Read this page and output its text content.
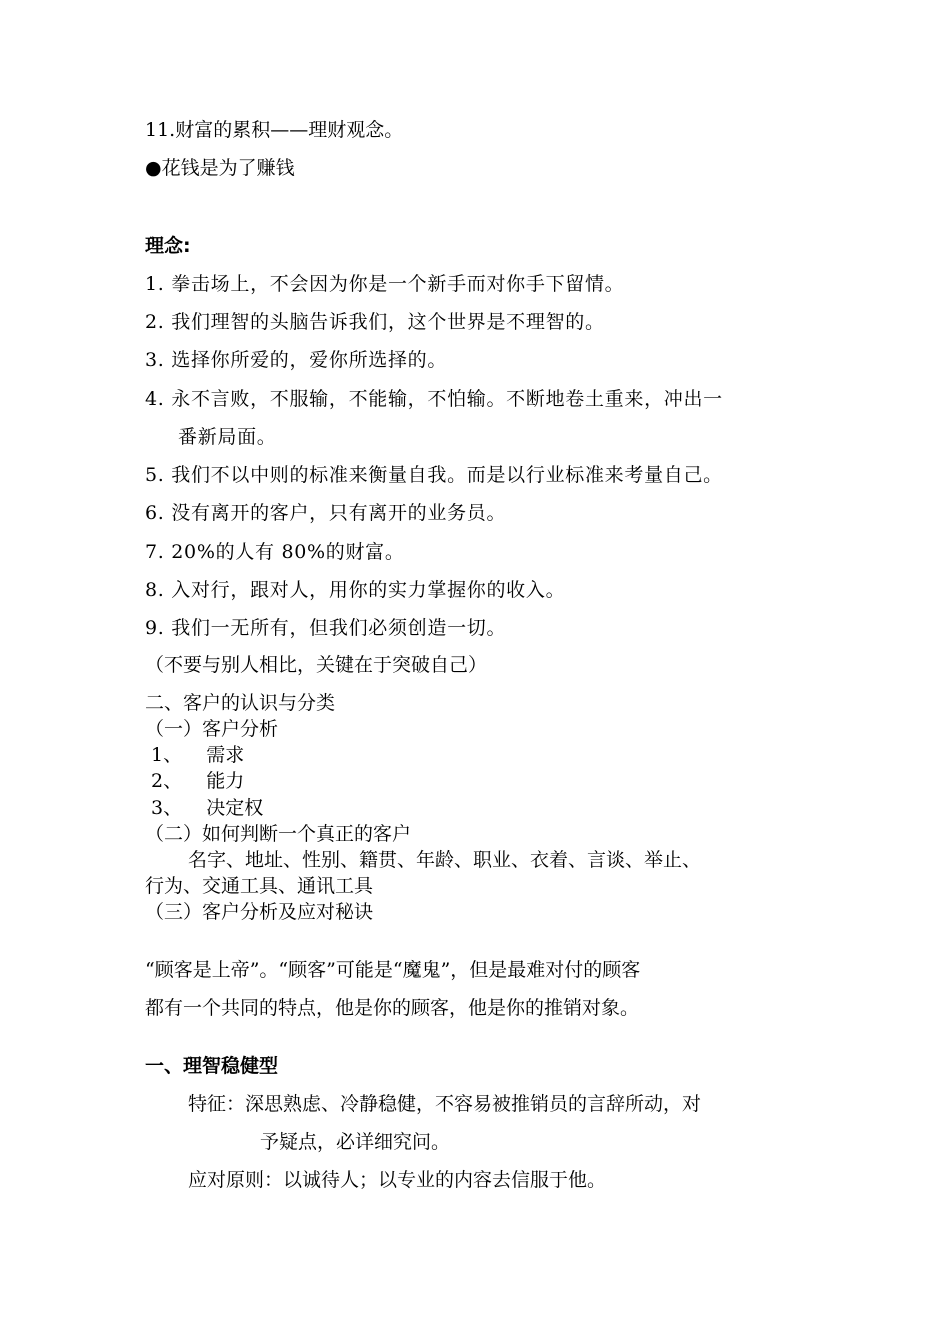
11.财富的累积——理财观念。
●花钱是为了赚钱
理念:
1. 拳击场上，不会因为你是一个新手而对你手下留情。
2. 我们理智的头脑告诉我们，这个世界是不理智的。
3. 选择你所爱的，爱你所选择的。
4. 永不言败，不服输，不能输，不怕输。不断地卷土重来，冲出一
番新局面。
5. 我们不以中则的标准来衡量自我。而是以行业标准来考量自己。
6. 没有离开的客户，只有离开的业务员。
7. 20%的人有 80%的财富。
8. 入对行，跟对人，用你的实力掌握你的收入。
9. 我们一无所有，但我们必须创造一切。
（不要与别人相比，关键在于突破自己）
二、客户的认识与分类
（一）客户分析
1、    需求
2、    能力
3、    决定权
（二）如何判断一个真正的客户
名字、地址、性别、籍贯、年龄、职业、衣着、言谈、举止、
行为、交通工具、通讯工具
（三）客户分析及应对秘诀
“顾客是上帝”。“顾客”可能是“魔鬼”，但是最难对付的顾客
都有一个共同的特点，他是你的顾客，他是你的推销对象。
一、理智稳健型
特征：深思熟虑、冷静稳健，不容易被推销员的言辞所动，对
予疑点，必详细究问。
应对原则：以诚待人；以专业的内容去信服于他。
